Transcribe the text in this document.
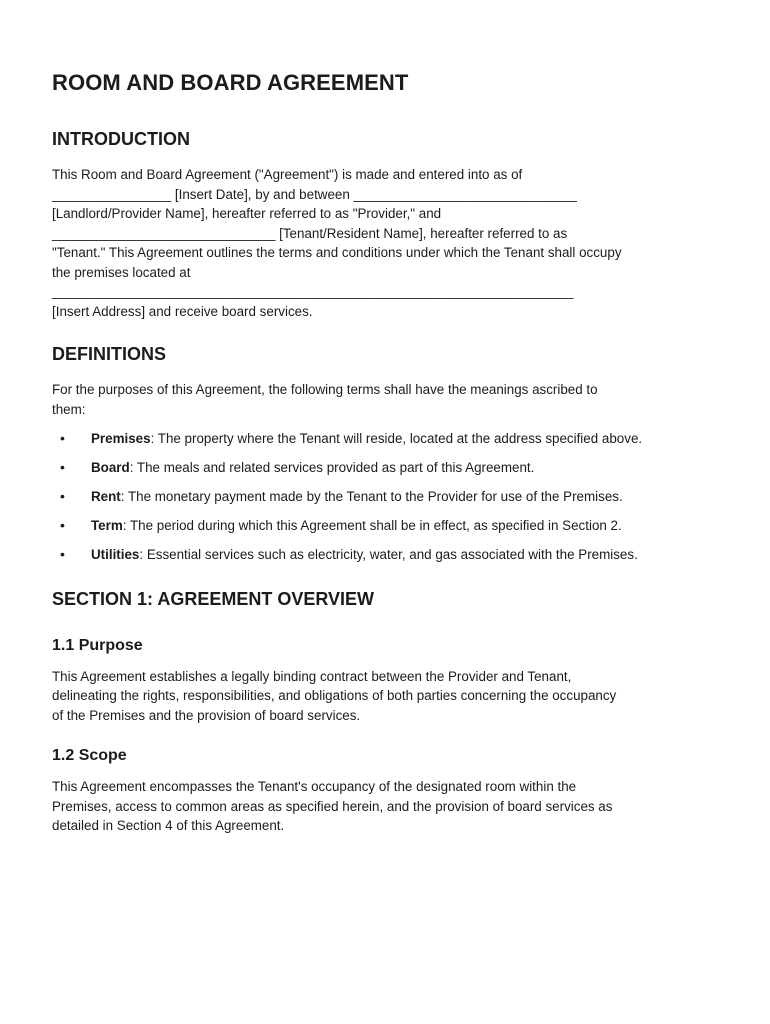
ROOM AND BOARD AGREEMENT
INTRODUCTION

This Room and Board Agreement ("Agreement") is made and entered into as of
________________ [Insert Date], by and between ______________________________
[Landlord/Provider Name], hereafter referred to as "Provider," and
______________________________ [Tenant/Resident Name], hereafter referred to as
"Tenant." This Agreement outlines the terms and conditions under which the Tenant shall occupy
the premises located at
______________________________________________________________________
[Insert Address] and receive board services.

DEFINITIONS

For the purposes of this Agreement, the following terms shall have the meanings ascribed to
them:

• Premises: The property where the Tenant will reside, located at the address specified above.
• Board: The meals and related services provided as part of this Agreement.
• Rent: The monetary payment made by the Tenant to the Provider for use of the Premises.
• Term: The period during which this Agreement shall be in effect, as specified in Section 2.
• Utilities: Essential services such as electricity, water, and gas associated with the Premises.
SECTION 1: AGREEMENT OVERVIEW
1.1 Purpose

This Agreement establishes a legally binding contract between the Provider and Tenant,
delineating the rights, responsibilities, and obligations of both parties concerning the occupancy
of the Premises and the provision of board services.

1.2 Scope

This Agreement encompasses the Tenant's occupancy of the designated room within the
Premises, access to common areas as specified herein, and the provision of board services as
detailed in Section 4 of this Agreement.
